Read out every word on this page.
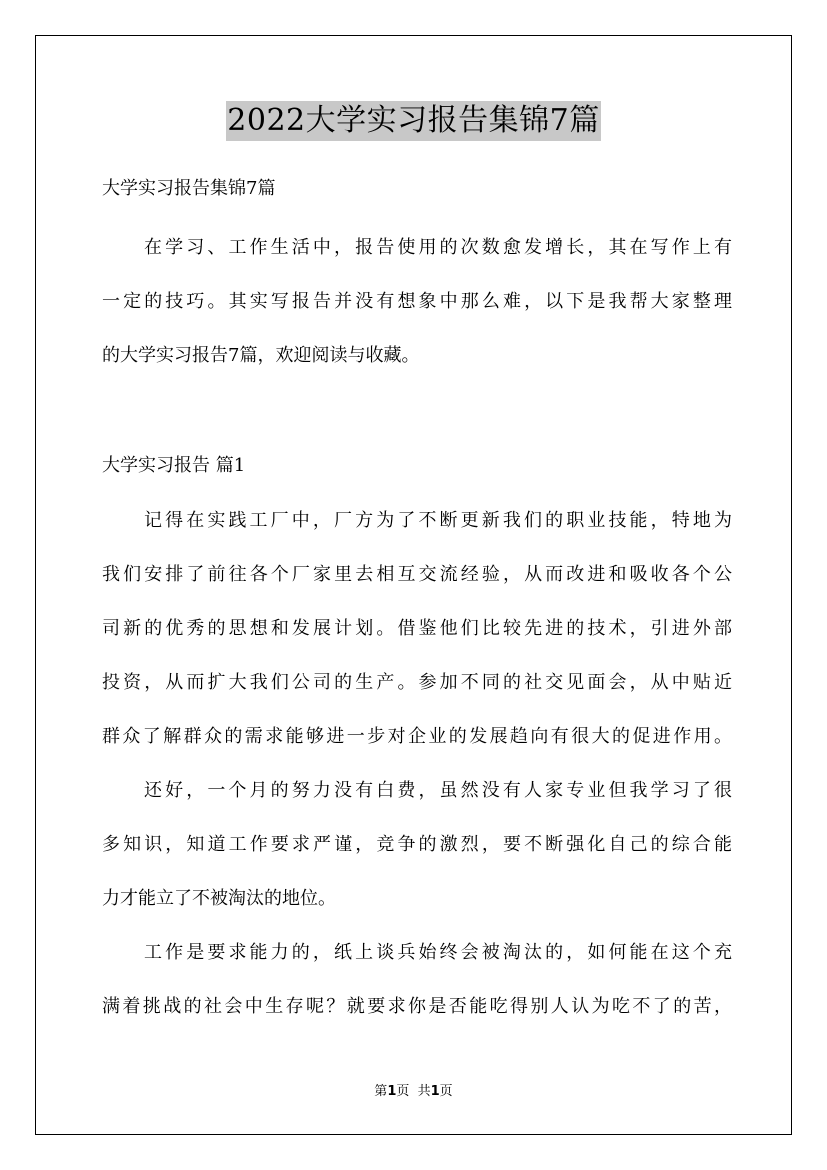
2022大学实习报告集锦7篇
大学实习报告集锦7篇
在学习、工作生活中，报告使用的次数愈发增长，其在写作上有
一定的技巧。其实写报告并没有想象中那么难，以下是我帮大家整理
的大学实习报告7篇，欢迎阅读与收藏。
大学实习报告 篇1
记得在实践工厂中，厂方为了不断更新我们的职业技能，特地为
我们安排了前往各个厂家里去相互交流经验，从而改进和吸收各个公
司新的优秀的思想和发展计划。借鉴他们比较先进的技术，引进外部
投资，从而扩大我们公司的生产。参加不同的社交见面会，从中贴近
群众了解群众的需求能够进一步对企业的发展趋向有很大的促进作用。
还好，一个月的努力没有白费，虽然没有人家专业但我学习了很
多知识，知道工作要求严谨，竞争的激烈，要不断强化自己的综合能
力才能立了不被淘汰的地位。
工作是要求能力的，纸上谈兵始终会被淘汰的，如何能在这个充
满着挑战的社会中生存呢？就要求你是否能吃得别人认为吃不了的苦，
第1页  共1页
